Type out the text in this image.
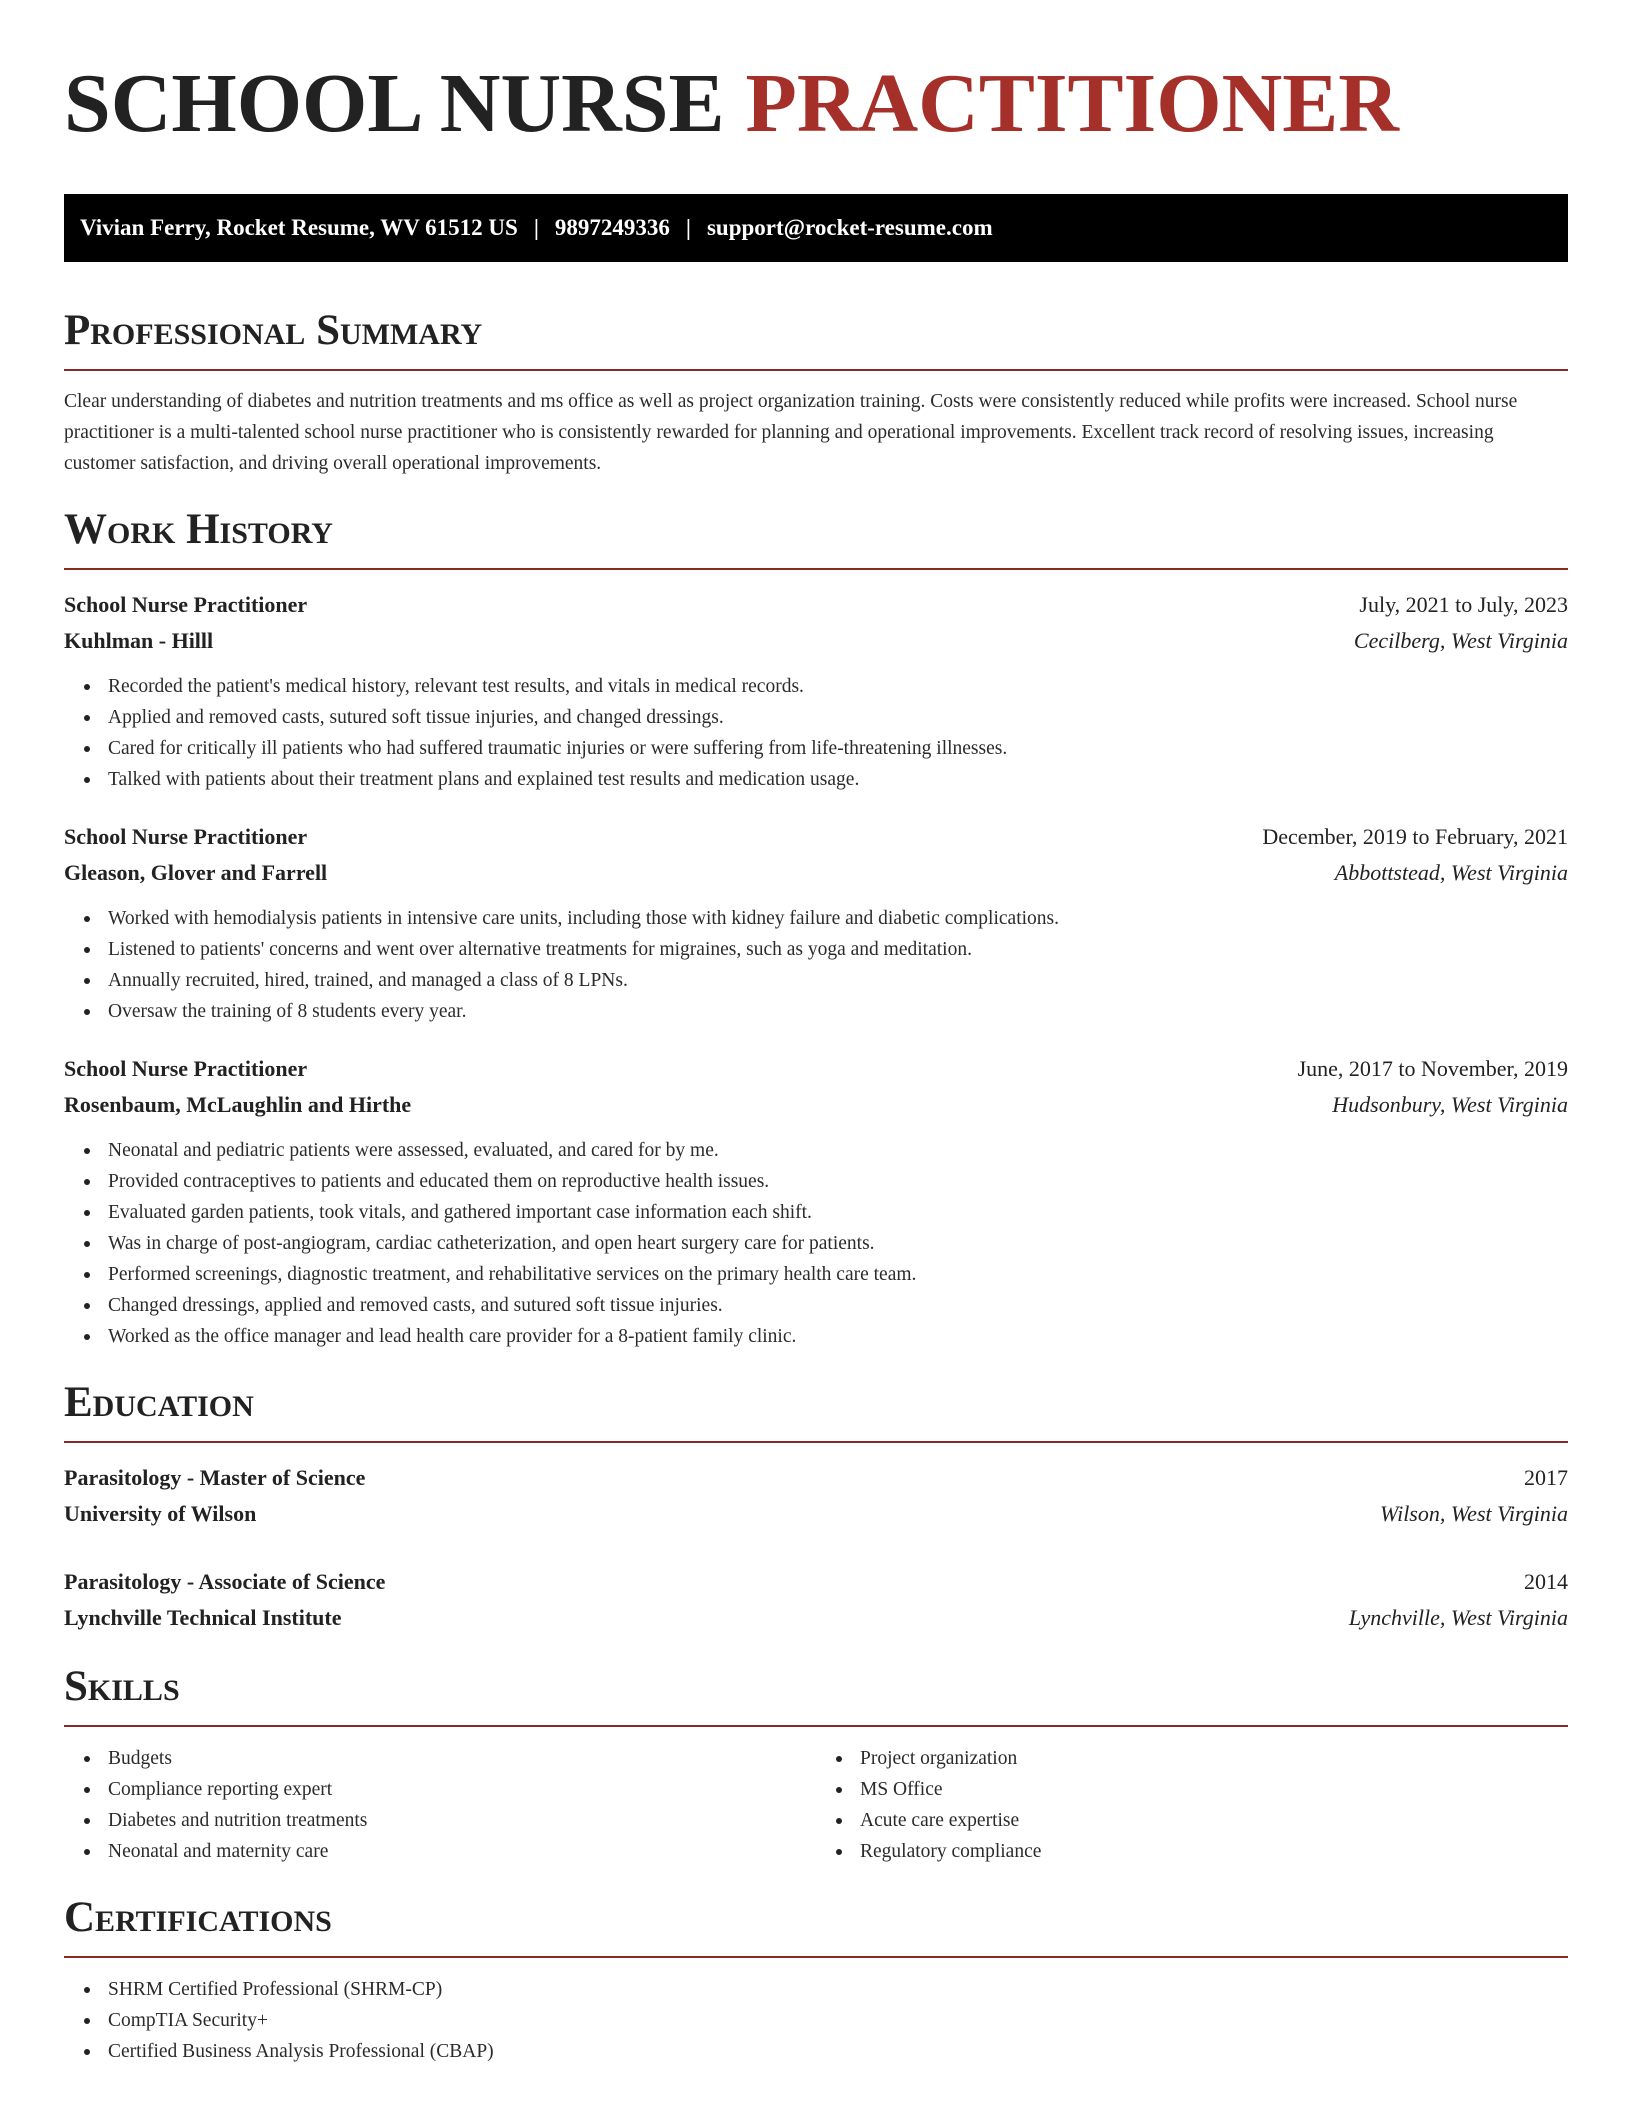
SCHOOL NURSE PRACTITIONER
Vivian Ferry, Rocket Resume, WV 61512 US | 9897249336 | support@rocket-resume.com
Professional Summary

Clear understanding of diabetes and nutrition treatments and ms office as well as project organization training. Costs were consistently reduced while profits were increased. School nurse practitioner is a multi-talented school nurse practitioner who is consistently rewarded for planning and operational improvements. Excellent track record of resolving issues, increasing customer satisfaction, and driving overall operational improvements.

Work History
School Nurse Practitioner	July, 2021 to July, 2023
Kuhlman - Hilll	Cecilberg, West Virginia
Recorded the patient's medical history, relevant test results, and vitals in medical records.
Applied and removed casts, sutured soft tissue injuries, and changed dressings.
Cared for critically ill patients who had suffered traumatic injuries or were suffering from life-threatening illnesses.
Talked with patients about their treatment plans and explained test results and medication usage.
School Nurse Practitioner	December, 2019 to February, 2021
Gleason, Glover and Farrell	Abbottstead, West Virginia
Worked with hemodialysis patients in intensive care units, including those with kidney failure and diabetic complications.
Listened to patients' concerns and went over alternative treatments for migraines, such as yoga and meditation.
Annually recruited, hired, trained, and managed a class of 8 LPNs.
Oversaw the training of 8 students every year.
School Nurse Practitioner	June, 2017 to November, 2019
Rosenbaum, McLaughlin and Hirthe	Hudsonbury, West Virginia
Neonatal and pediatric patients were assessed, evaluated, and cared for by me.
Provided contraceptives to patients and educated them on reproductive health issues.
Evaluated garden patients, took vitals, and gathered important case information each shift.
Was in charge of post-angiogram, cardiac catheterization, and open heart surgery care for patients.
Performed screenings, diagnostic treatment, and rehabilitative services on the primary health care team.
Changed dressings, applied and removed casts, and sutured soft tissue injuries.
Worked as the office manager and lead health care provider for a 8-patient family clinic.
Education
Parasitology - Master of Science	2017
University of Wilson	Wilson, West Virginia
Parasitology - Associate of Science	2014
Lynchville Technical Institute	Lynchville, West Virginia
Skills
Budgets
Compliance reporting expert
Diabetes and nutrition treatments
Neonatal and maternity care
Project organization
MS Office
Acute care expertise
Regulatory compliance
Certifications
SHRM Certified Professional (SHRM-CP)
CompTIA Security+
Certified Business Analysis Professional (CBAP)
